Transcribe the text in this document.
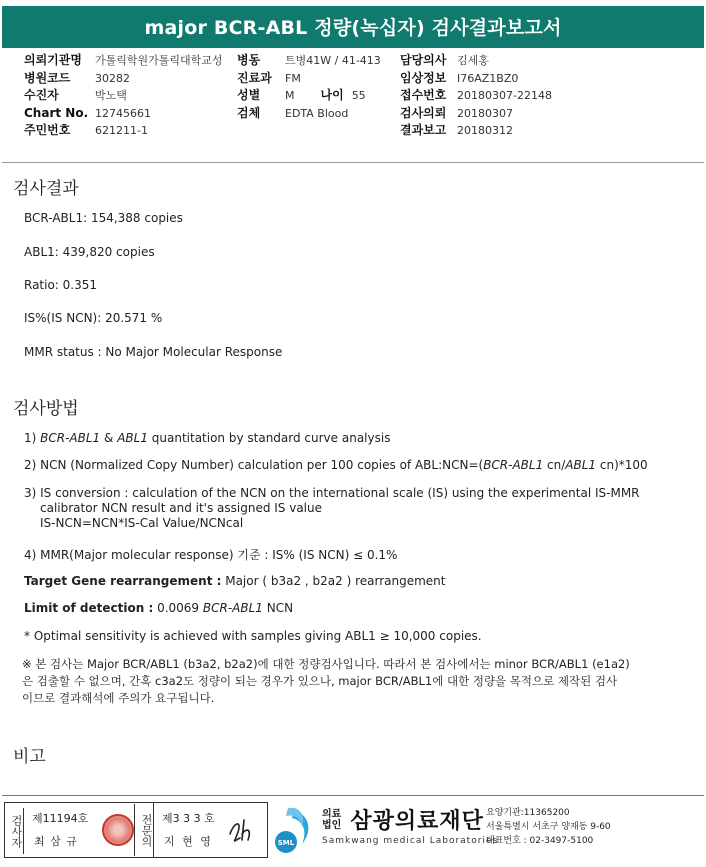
major BCR-ABL 정량(녹십자) 검사결과보고서
의뢰기관명 가톨릭학원가톨릭대학교성
병원코드 30282
수진자	박노택
Chart No. 12745661
주민번호 621211-1
병동 트병41W / 41-413
진료과 FM
성별 M 나이 55
검체 EDTA Blood
담당의사 김세홍
임상정보 I76AZ1BZ0
접수번호 20180307-22148
검사의뢰 20180307
결과보고 20180312
검사결과
BCR-ABL1: 154,388 copies
ABL1: 439,820 copies
Ratio: 0.351
IS%(IS NCN): 20.571 %
MMR status : No Major Molecular Response
검사방법
1) BCR-ABL1 & ABL1 quantitation by standard curve analysis
2) NCN (Normalized Copy Number) calculation per 100 copies of ABL:NCN=(BCR-ABL1 cn/ABL1 cn)*100
3) IS conversion : calculation of the NCN on the international scale (IS) using the experimental IS-MMR
calibrator NCN result and it's assigned IS value
IS-NCN=NCN*IS-Cal Value/NCNcal
4) MMR(Major molecular response) 기준 : IS% (IS NCN) ≤ 0.1%
Target Gene rearrangement : Major ( b3a2 , b2a2 ) rearrangement
Limit of detection : 0.0069 BCR-ABL1 NCN
* Optimal sensitivity is achieved with samples giving ABL1 ≥ 10,000 copies.
※ 본 검사는 Major BCR/ABL1 (b3a2, b2a2)에 대한 정량검사입니다. 따라서 본 검사에서는 minor BCR/ABL1 (e1a2)
은 검출할 수 없으며, 간혹 c3a2도 정량이 되는 경우가 있으나, major BCR/ABL1에 대한 정량을 목적으로 제작된 검사
이므로 결과해석에 주의가 요구됩니다.
비고
검사자 제11194호
최 삼 규	전문의 제3 3 3 호
지 현 영	SML
의료
법인 삼광의료재단
Samkwang medical Laboratories
요양기관:11365200
서울특별시 서초구 양재동 9-60
대표번호 : 02-3497-5100
